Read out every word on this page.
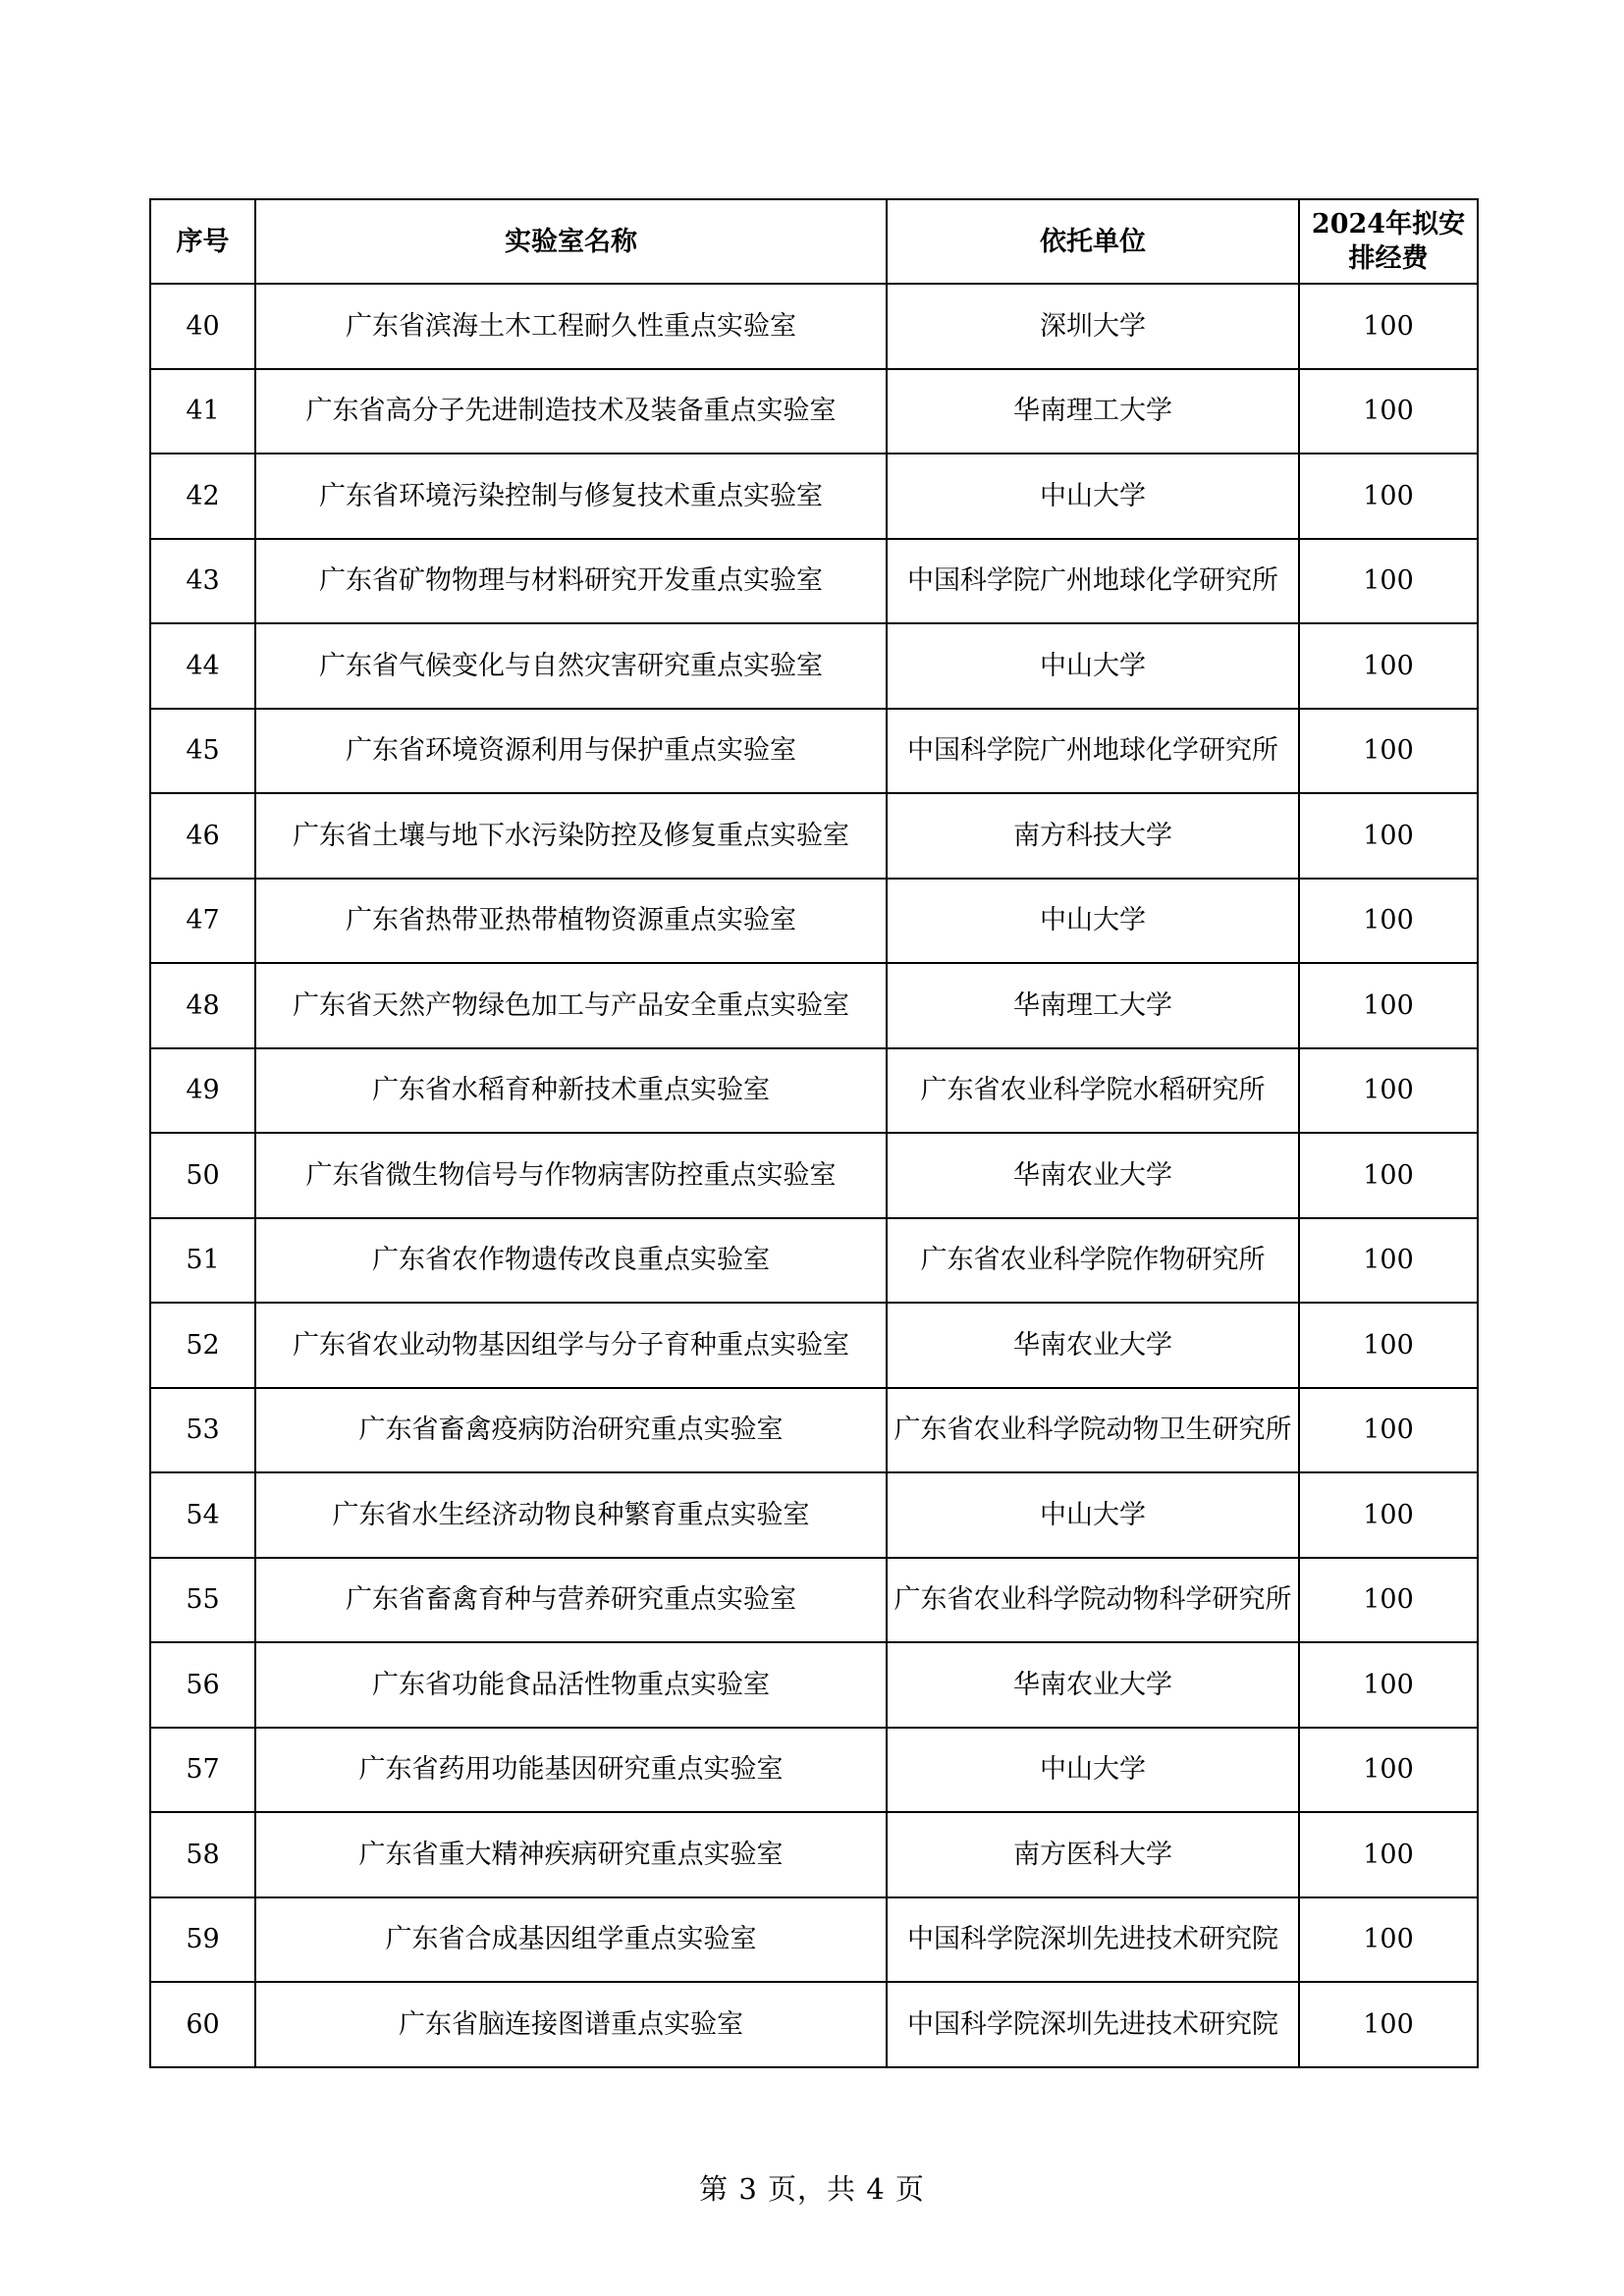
序号	实验室名称	依托单位	2024年拟安排经费
40	广东省滨海土木工程耐久性重点实验室	深圳大学	100
41	广东省高分子先进制造技术及装备重点实验室	华南理工大学	100
42	广东省环境污染控制与修复技术重点实验室	中山大学	100
43	广东省矿物物理与材料研究开发重点实验室	中国科学院广州地球化学研究所	100
44	广东省气候变化与自然灾害研究重点实验室	中山大学	100
45	广东省环境资源利用与保护重点实验室	中国科学院广州地球化学研究所	100
46	广东省土壤与地下水污染防控及修复重点实验室	南方科技大学	100
47	广东省热带亚热带植物资源重点实验室	中山大学	100
48	广东省天然产物绿色加工与产品安全重点实验室	华南理工大学	100
49	广东省水稻育种新技术重点实验室	广东省农业科学院水稻研究所	100
50	广东省微生物信号与作物病害防控重点实验室	华南农业大学	100
51	广东省农作物遗传改良重点实验室	广东省农业科学院作物研究所	100
52	广东省农业动物基因组学与分子育种重点实验室	华南农业大学	100
53	广东省畜禽疫病防治研究重点实验室	广东省农业科学院动物卫生研究所	100
54	广东省水生经济动物良种繁育重点实验室	中山大学	100
55	广东省畜禽育种与营养研究重点实验室	广东省农业科学院动物科学研究所	100
56	广东省功能食品活性物重点实验室	华南农业大学	100
57	广东省药用功能基因研究重点实验室	中山大学	100
58	广东省重大精神疾病研究重点实验室	南方医科大学	100
59	广东省合成基因组学重点实验室	中国科学院深圳先进技术研究院	100
60	广东省脑连接图谱重点实验室	中国科学院深圳先进技术研究院	100
第 3 页，共 4 页
